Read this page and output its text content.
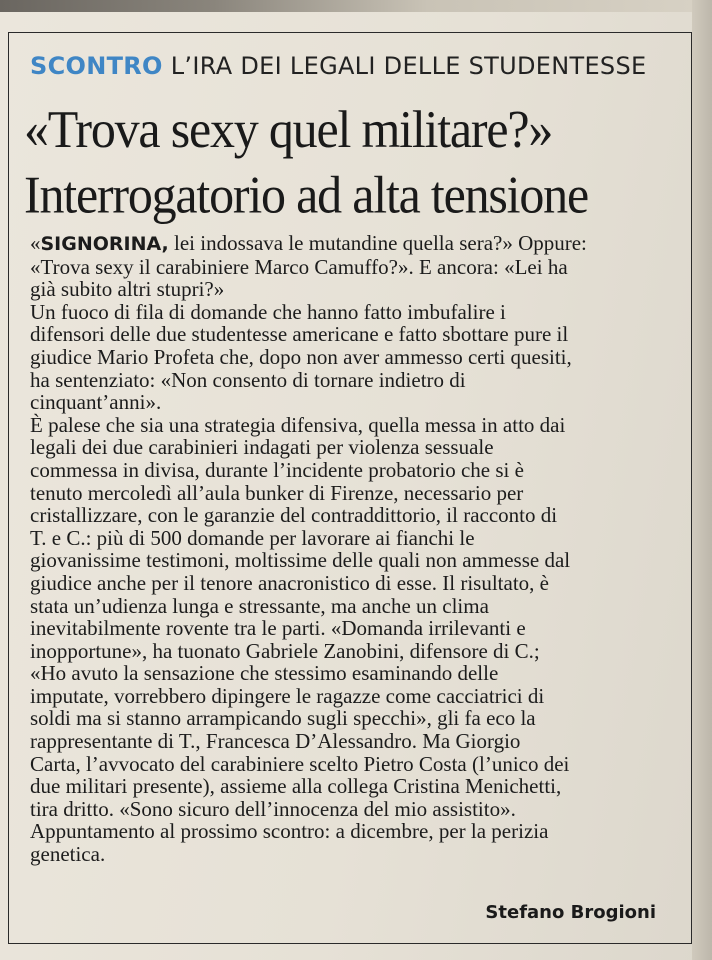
SCONTRO L’IRA DEI LEGALI DELLE STUDENTESSE
«Trova sexy quel militare?»
Interrogatorio ad alta tensione
«SIGNORINA, lei indossava le mutandine quella sera?» Oppure:
«Trova sexy il carabiniere Marco Camuffo?». E ancora: «Lei ha
già subito altri stupri?»
Un fuoco di fila di domande che hanno fatto imbufalire i
difensori delle due studentesse americane e fatto sbottare pure il
giudice Mario Profeta che, dopo non aver ammesso certi quesiti,
ha sentenziato: «Non consento di tornare indietro di
cinquant’anni».
È palese che sia una strategia difensiva, quella messa in atto dai
legali dei due carabinieri indagati per violenza sessuale
commessa in divisa, durante l’incidente probatorio che si è
tenuto mercoledì all’aula bunker di Firenze, necessario per
cristallizzare, con le garanzie del contraddittorio, il racconto di
T. e C.: più di 500 domande per lavorare ai fianchi le
giovanissime testimoni, moltissime delle quali non ammesse dal
giudice anche per il tenore anacronistico di esse. Il risultato, è
stata un’udienza lunga e stressante, ma anche un clima
inevitabilmente rovente tra le parti. «Domanda irrilevanti e
inopportune», ha tuonato Gabriele Zanobini, difensore di C.;
«Ho avuto la sensazione che stessimo esaminando delle
imputate, vorrebbero dipingere le ragazze come cacciatrici di
soldi ma si stanno arrampicando sugli specchi», gli fa eco la
rappresentante di T., Francesca D’Alessandro. Ma Giorgio
Carta, l’avvocato del carabiniere scelto Pietro Costa (l’unico dei
due militari presente), assieme alla collega Cristina Menichetti,
tira dritto. «Sono sicuro dell’innocenza del mio assistito».
Appuntamento al prossimo scontro: a dicembre, per la perizia
genetica.
Stefano Brogioni
